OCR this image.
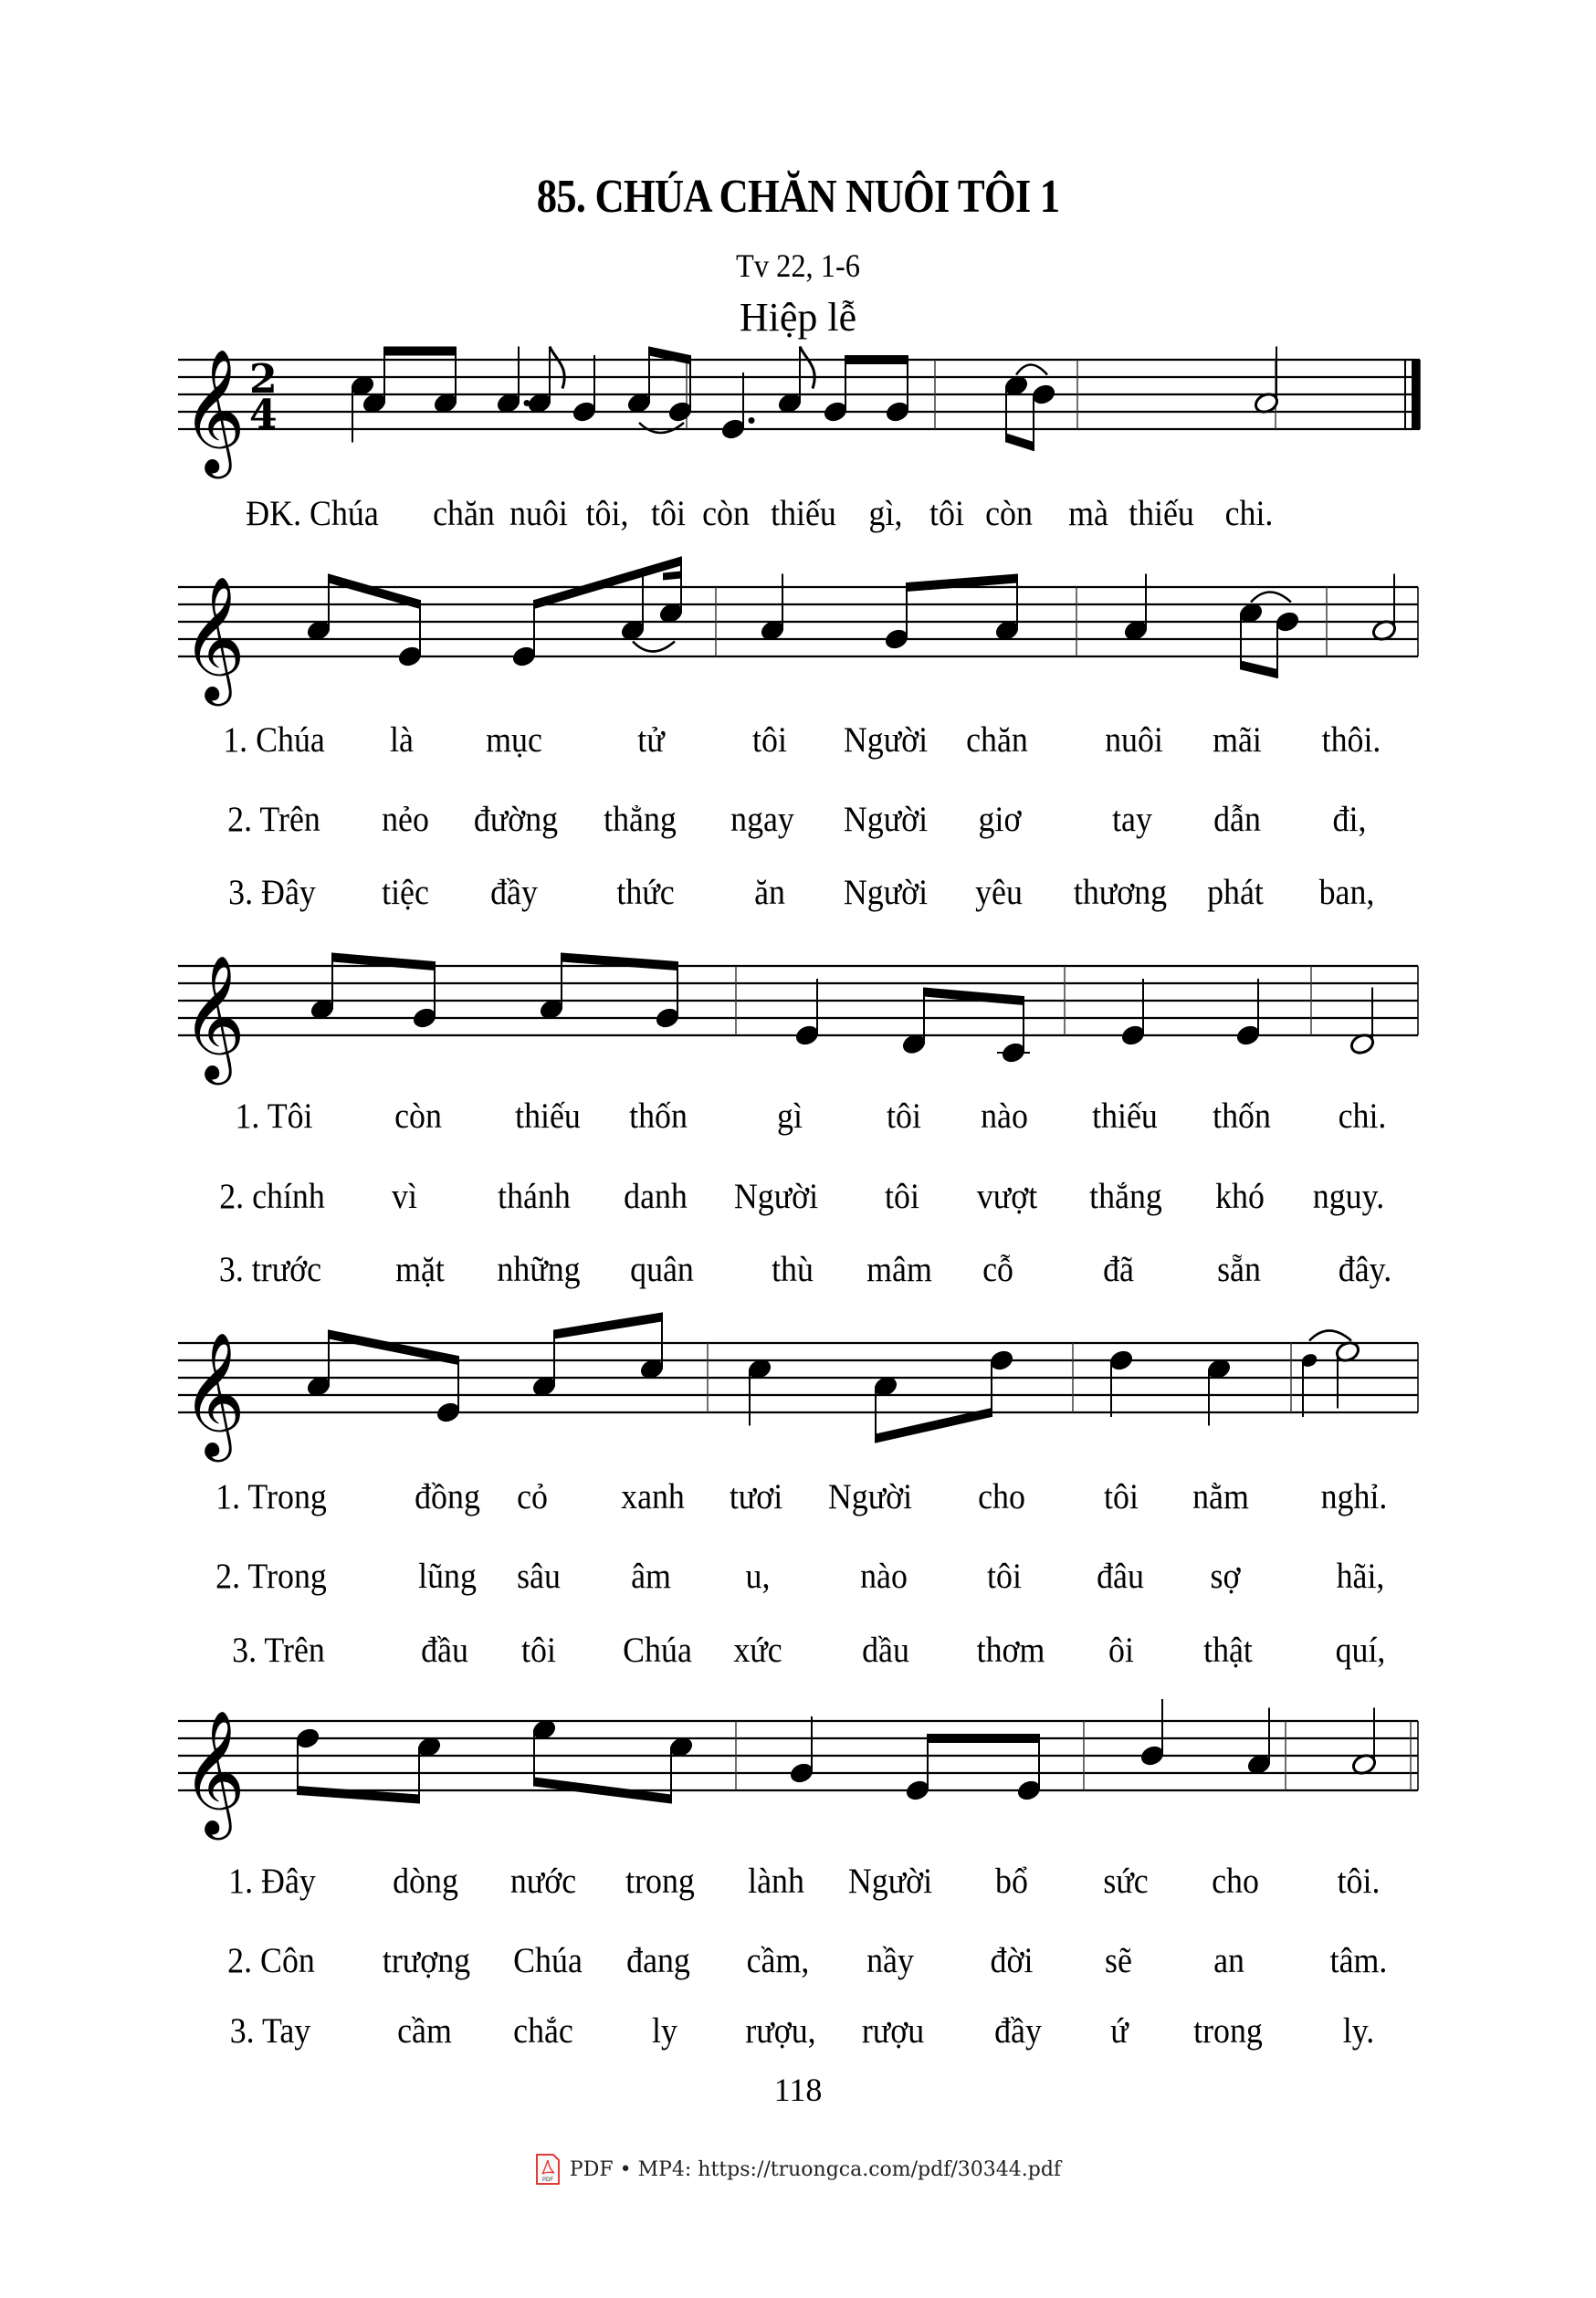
85. CHÚA CHĂN NUÔI TÔI 1
Tv 22, 1-6
Hiệp lễ
𝄞 2
4
𝄞
𝄞
𝄞
𝄞
ĐK. Chúa chăn nuôi tôi, tôi còn thiếu gì, tôi còn mà thiếu chi.
1. Chúa là mục	tử tôi Người chăn nuôi mãi thôi.
2. Trên nẻo đường thẳng ngay Người giơ	tay dẫn đi,
3. Đây tiệc đầy thức ăn Người yêu thương phát ban,
1. Tôi còn thiếu thốn	gì tôi nào thiếu thốn chi.
2. chính vì thánh danh Người tôi vượt thắng khó nguy.
3. trước mặt những quân thù mâm cỗ	đã sẵn đây.
1. Trong đồng cỏ xanh tươi Người cho tôi nằm nghỉ.
2. Trong	lũng sâu âm u,	nào tôi đâu sợ	hãi,
3. Trên	đầu tôi Chúa xức dầu thơm ôi thật quí,
1. Đây dòng nước trong lành Người bổ sức cho tôi.
2. Côn trượng Chúa đang cầm, nầy đời sẽ an tâm.
3. Tay cầm chắc ly rượu, rượu đầy ứ trong ly.
118
PDF PDF • MP4: https://truongca.com/pdf/30344.pdf
